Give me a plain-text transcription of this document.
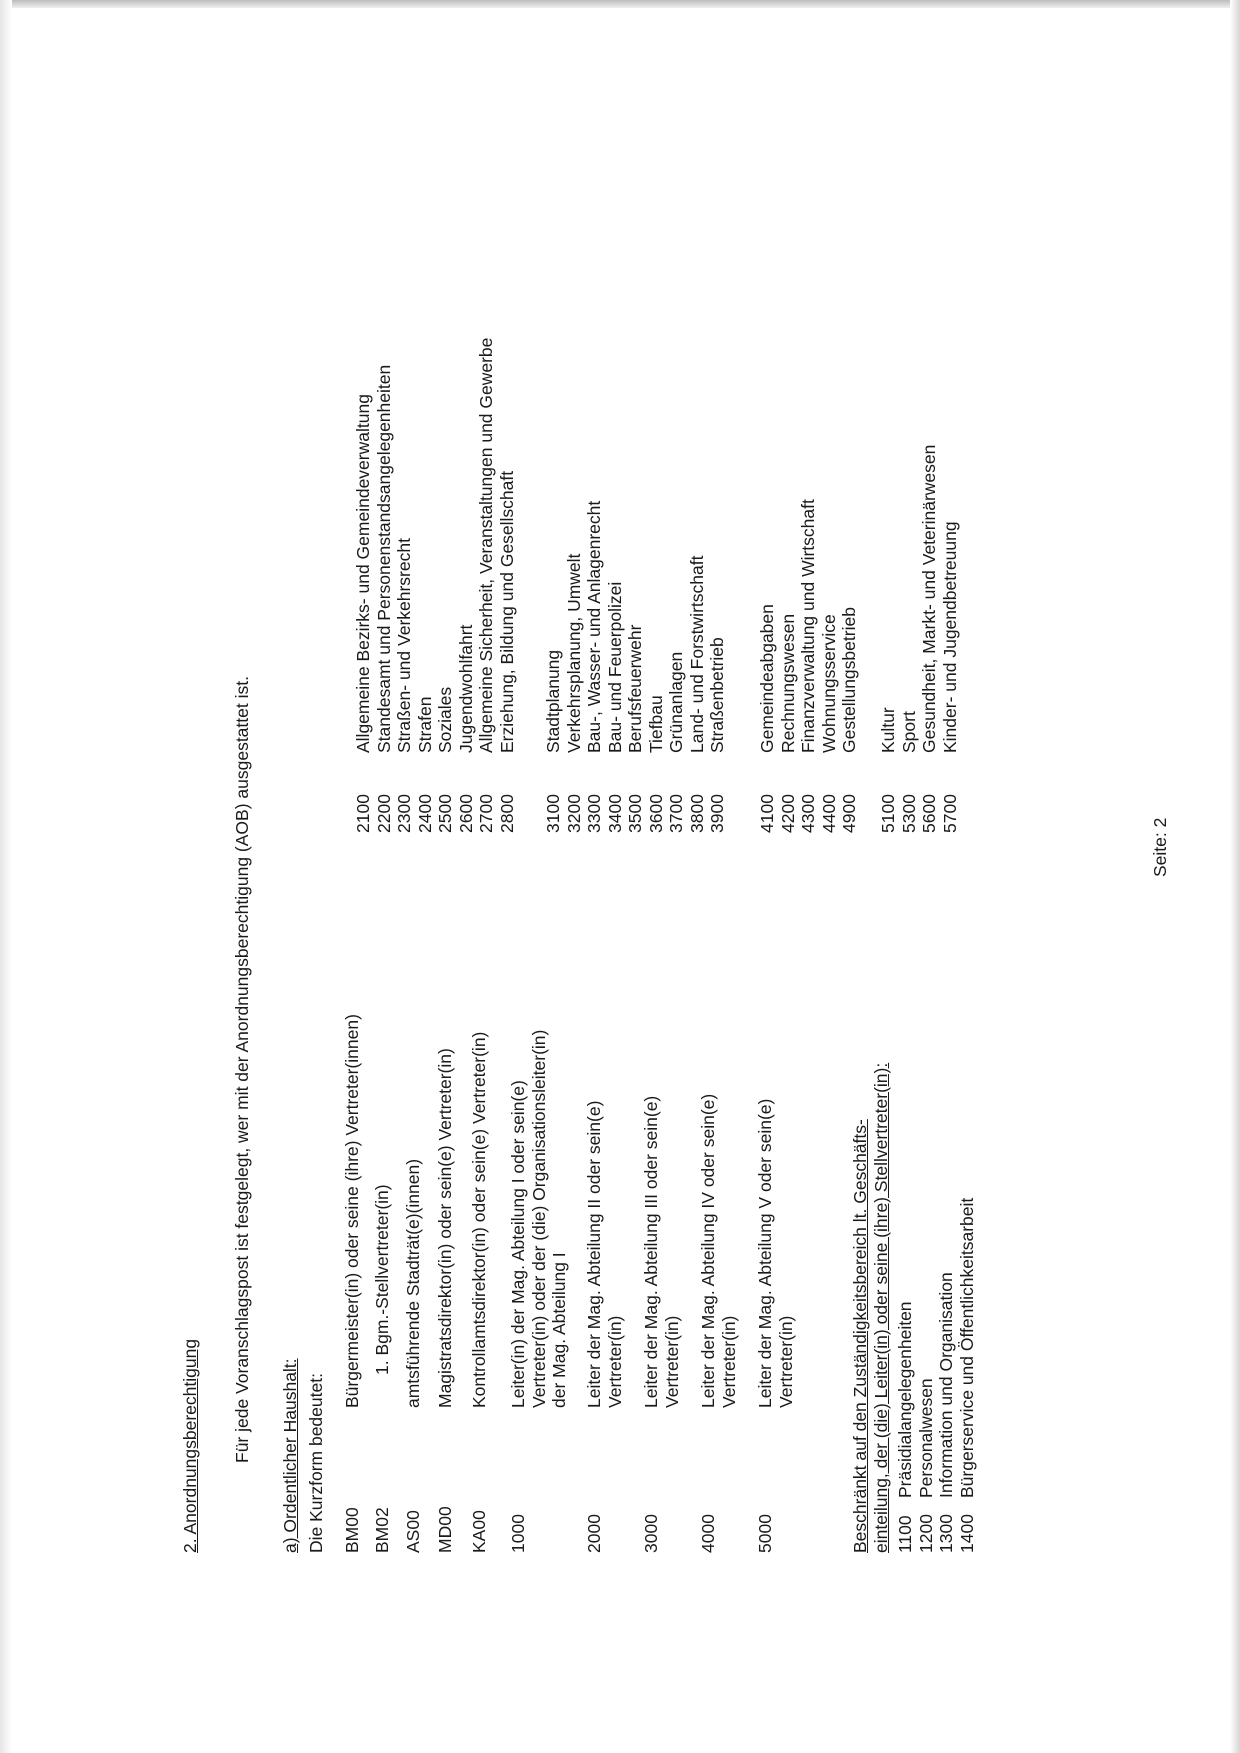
2. Anordnungsberechtigung Für jede Voranschlagspost ist festgelegt, wer mit der Anordnungsberechtigung (AOB) ausgestattet ist. a) Ordentlicher Haushalt: Die Kurzform bedeutet: BM00
Bürgermeister(in) oder seine (ihre) Vertreter(innen)
BM02
1. Bgm.-Stellvertreter(in)
AS00
amtsführende Stadträt(e)(innen)
MD00
Magistratsdirektor(in) oder sein(e) Vertreter(in)
KA00
Kontrollamtsdirektor(in) oder sein(e) Vertreter(in)
1000
Leiter(in) der Mag. Abteilung I oder sein(e) Vertreter(in) oder der (die) Organisationsleiter(in) der Mag. Abteilung I
2000
Leiter der Mag. Abteilung II oder sein(e) Vertreter(in)
3000
Leiter der Mag. Abteilung III oder sein(e) Vertreter(in)
4000
Leiter der Mag. Abteilung IV oder sein(e) Vertreter(in)
5000
Leiter der Mag. Abteilung V oder sein(e) Vertreter(in)	Beschränkt auf den Zuständigkeitsbereich lt. Geschäfts- einteilung, der (die) Leiter(in) oder seine (ihre) Stellvertreter(in): 1100
Präsidialangelegenheiten
1200
Personalwesen
1300
Information und Organisation
1400
Bürgerservice und Öffentlichkeitsarbeit
2100
Allgemeine Bezirks- und Gemeindeverwaltung
2200
Standesamt und Personenstandsangelegenheiten
2300
Straßen- und Verkehrsrecht
2400
Strafen
2500
Soziales
2600
Jugendwohlfahrt
2700
Allgemeine Sicherheit, Veranstaltungen und Gewerbe
2800
Erziehung, Bildung und Gesellschaft
3100
Stadtplanung
3200
Verkehrsplanung, Umwelt
3300
Bau-, Wasser- und Anlagenrecht
3400
Bau- und Feuerpolizei
3500
Berufsfeuerwehr
3600
Tiefbau
3700
Grünanlagen
3800
Land- und Forstwirtschaft
3900
Straßenbetrieb
4100
Gemeindeabgaben
4200
Rechnungswesen
4300
Finanzverwaltung und Wirtschaft
4400
Wohnungsservice
4900
Gestellungsbetrieb
5100
Kultur
5300
Sport
5600
Gesundheit, Markt- und Veterinärwesen
5700
Kinder- und Jugendbetreuung
Seite: 2
